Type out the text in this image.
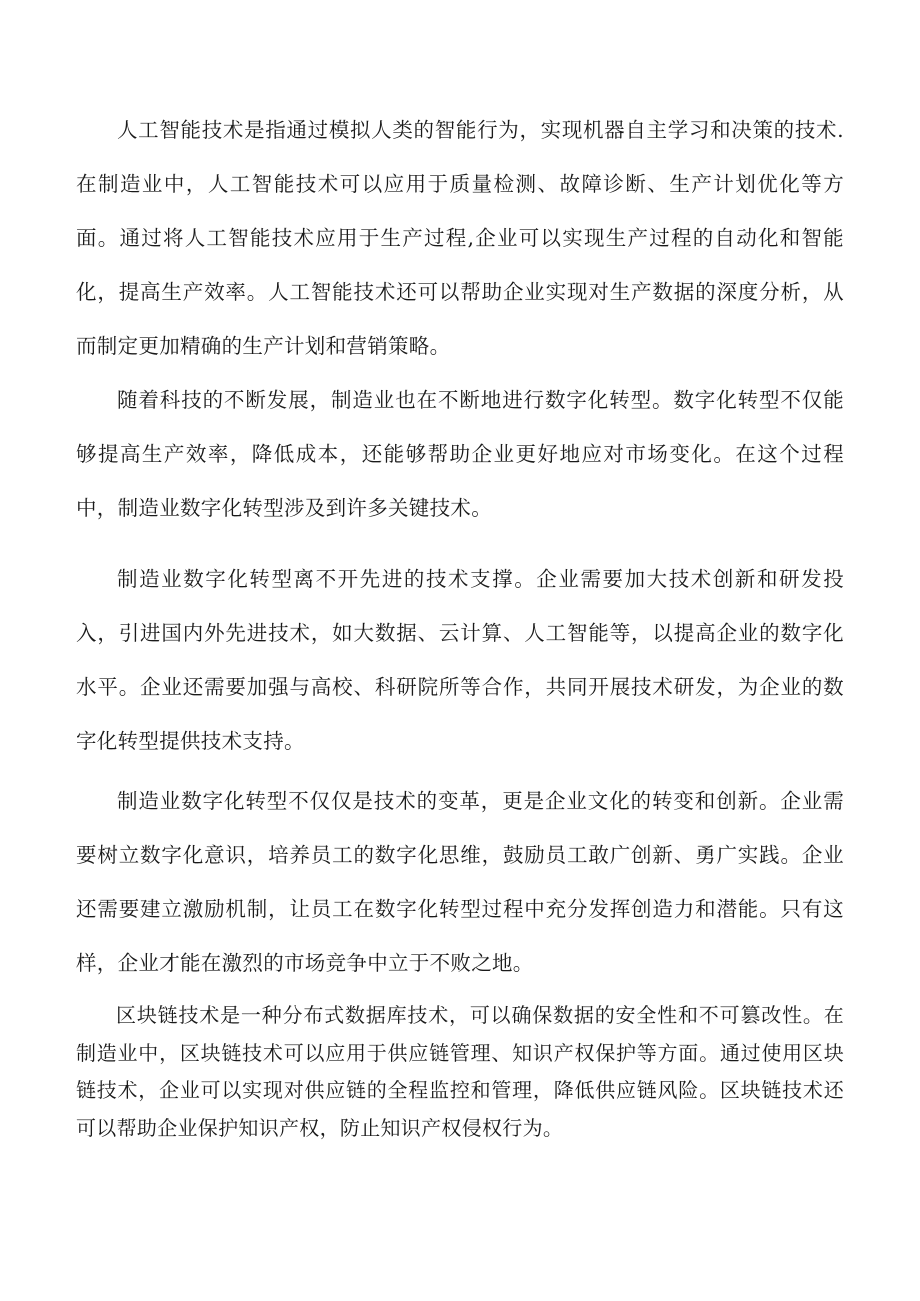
人工智能技术是指通过模拟人类的智能行为，实现机器自主学习和决策的技术.在制造业中，人工智能技术可以应用于质量检测、故障诊断、生产计划优化等方面。通过将人工智能技术应用于生产过程,企业可以实现生产过程的自动化和智能化，提高生产效率。人工智能技术还可以帮助企业实现对生产数据的深度分析，从而制定更加精确的生产计划和营销策略。

随着科技的不断发展，制造业也在不断地进行数字化转型。数字化转型不仅能够提高生产效率，降低成本，还能够帮助企业更好地应对市场变化。在这个过程中，制造业数字化转型涉及到许多关键技术。

制造业数字化转型离不开先进的技术支撑。企业需要加大技术创新和研发投入，引进国内外先进技术，如大数据、云计算、人工智能等，以提高企业的数字化水平。企业还需要加强与高校、科研院所等合作，共同开展技术研发，为企业的数字化转型提供技术支持。

制造业数字化转型不仅仅是技术的变革，更是企业文化的转变和创新。企业需要树立数字化意识，培养员工的数字化思维，鼓励员工敢广创新、勇广实践。企业还需要建立激励机制，让员工在数字化转型过程中充分发挥创造力和潜能。只有这样，企业才能在激烈的市场竞争中立于不败之地。

区块链技术是一种分布式数据库技术，可以确保数据的安全性和不可篡改性。在制造业中，区块链技术可以应用于供应链管理、知识产权保护等方面。通过使用区块链技术，企业可以实现对供应链的全程监控和管理，降低供应链风险。区块链技术还可以帮助企业保护知识产权，防止知识产权侵权行为。
